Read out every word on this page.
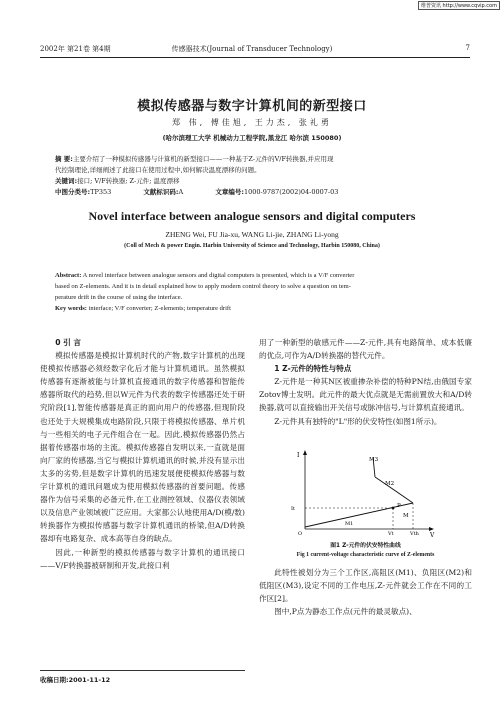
维普资讯 http://www.cqvip.com
2002年 第21卷 第4期	传感器技术(Journal of Transducer Technology)	7
模拟传感器与数字计算机间的新型接口
郑 伟, 傅佳旭, 王力杰, 张礼勇
(哈尔滨理工大学 机械动力工程学院,黑龙江 哈尔滨 150080)
摘 要:主要介绍了一种模拟传感器与计算机的新型接口——一种基于Z-元件的V/F转换器,并应用现
代控制理论,详细阐述了此接口在使用过程中,如何解决温度漂移的问题。
关键词:接口; V/F转换器; Z-元件; 温度漂移
中图分类号:TP353	文献标识码:A	文章编号:1000-9787(2002)04-0007-03
Novel interface between analogue sensors and digital computers
ZHENG Wei, FU Jia-xu, WANG Li-jie, ZHANG Li-yong
(Coll of Mech & power Engin. Harbin University of Science and Technology, Harbin 150080, China)
Abstract: A novel interface between analogue sensors and digital computers is presented, which is a V/F converter
based on Z-elements. And it is in detail explained how to apply modern control theory to solve a question on tem-
perature drift in the course of using the interface.
Key words: interface; V/F converter; Z-elements; temperature drift
0 引 言

模拟传感器是模拟计算机时代的产物,数字计算机的出现使模拟传感器必须经数字化后才能与计算机通讯。虽然模拟传感器有逐渐被能与计算机直接通讯的数字传感器和智能传感器所取代的趋势,但以W元件为代表的数字传感器还处于研究阶段[1],智能传感器是真正的面向用户的传感器,但现阶段也还处于大规模集成电路阶段,只限于将模拟传感器、单片机与一些相关的电子元件组合在一起。因此,模拟传感器仍然占据着传感器市场的主流。模拟传感器自发明以来,一直就是面向厂家的传感器,当它与模拟计算机通讯的时候,并没有显示出太多的劣势,但是数字计算机的迅速发展便使模拟传感器与数字计算机的通讯问题成为使用模拟传感器的首要问题。传感器作为信号采集的必备元件,在工业测控领域、仪器仪表领域以及信息产业领域被广泛应用。大家都公认地使用A/D(模/数)转换器作为模拟传感器与数字计算机通讯的桥梁,但A/D转换器却有电路复杂、成本高等自身的缺点。

因此,一种新型的模拟传感器与数字计算机的通讯接口——V/F转换器被研制和开发,此接口利

用了一种新型的敏感元件——Z-元件,具有电路简单、成本低廉的优点,可作为A/D转换器的替代元件。

1 Z-元件的特性与特点

Z-元件是一种其N区被重掺杂补偿的特种PN结,由俄国专家Zotov博士发明。此元件的最大优点就是无需前置放大和A/D转换器,就可以直接输出开关信号或脉冲信号,与计算机直接通讯。

Z-元件具有独特的"L"形的伏安特性(如图1所示)。

I
V
M3
M2
P
M
It
Vt	Vth
O
M1
图1 Z-元件的伏安特性曲线
Fig 1 current-voltage characteristic curve of Z-elements

此特性被划分为三个工作区,高阻区(M1)、负阻区(M2)和低阻区(M3),设定不同的工作电压,Z-元件就会工作在不同的工作区[2]。

图中,P点为静态工作点(元件的最灵敏点)、

收稿日期:2001-11-12
